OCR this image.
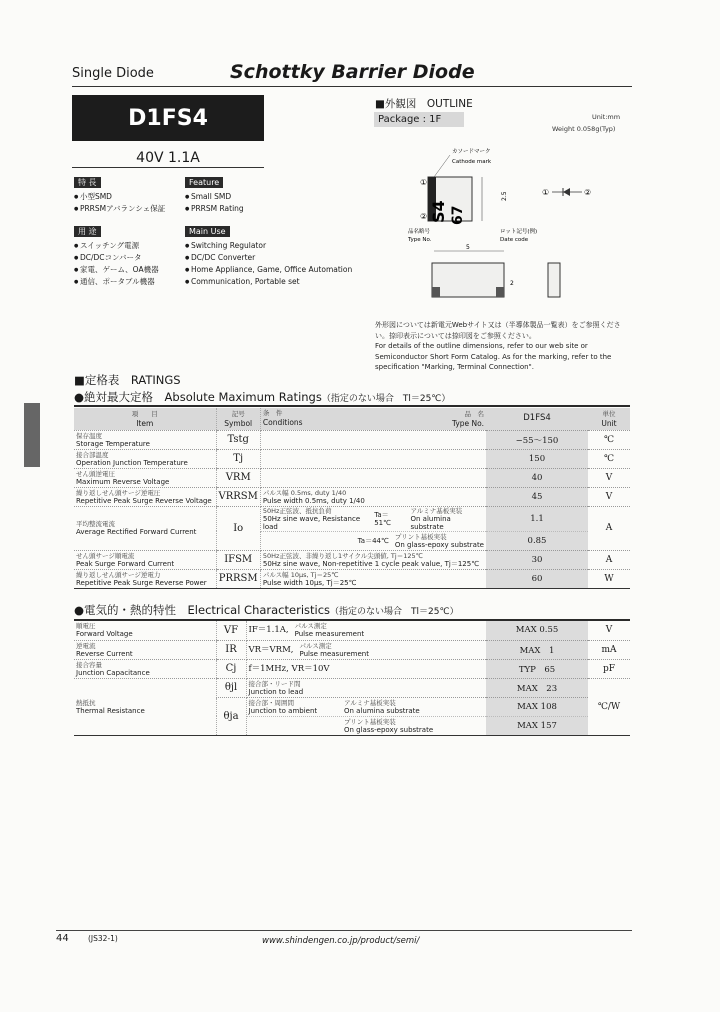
Single Diode	Schottky Barrier Diode
D1FS4
40V 1.1A
特 長	Feature
● 小型SMD
● PRRSMアバランシェ保証
● Small SMD
● PRRSM Rating
用 途	Main Use
● スイッチング電源
● DC/DCコンバータ
● 家電、ゲーム、OA機器
● 通信、ポータブル機器
● Switching Regulator
● DC/DC Converter
● Home Appliance, Game, Office Automation
● Communication, Portable set
■外観図　OUTLINE
Package : 1F	Unit:mm
Weight 0.058g(Typ)
S4 67
2.5
①
②
カソードマーク
Cathode mark
品名略号
Type No.
ロット記号(例)
Date code
①	②
5
2
外形図については新電元Webサイト又は（半導体製品一覧表）をご参照ください。捺印表示については捺印図をご参照ください。
For details of the outline dimensions, refer to our web site or Semiconductor Short Form Catalog. As for the marking, refer to the specification "Marking, Terminal Connection".
■定格表　RATINGS
●絶対最大定格　Absolute Maximum Ratings（指定のない場合　Tl＝25℃）
項　　目
Item	記号
Symbol	条　件
Conditions
品　名
Type No.	D1FS4	単位
Unit

保存温度
Storage Temperature	Tstg		−55～150	℃

接合部温度
Operation Junction Temperature	Tj		150	℃

せん頭逆電圧
Maximum Reverse Voltage	VRM		40	V

繰り返しせん頭サージ逆電圧
Repetitive Peak Surge Reverse Voltage	VRRSM	パルス幅 0.5ms, duty 1/40
Pulse width 0.5ms, duty 1/40	45	V

平均整流電流
Average Rectified Forward Current	Io	50Hz正弦波、抵抗負荷
50Hz sine wave, Resistance load
Ta＝51℃
アルミナ基板実装
On alumina substrate	1.1	A

		Ta＝44℃ プリント基板実装
On glass-epoxy substrate	0.85	

せん頭サージ順電流
Peak Surge Forward Current	IFSM	50Hz正弦波、非繰り返し1サイクル尖頭値, Tj＝125℃
50Hz sine wave, Non-repetitive 1 cycle peak value, Tj＝125℃	30	A

繰り返しせん頭サージ逆電力
Repetitive Peak Surge Reverse Power	PRRSM	パルス幅 10μs, Tj＝25℃
Pulse width 10μs, Tj＝25℃	60	W
●電気的・熱的特性　Electrical Characteristics（指定のない場合　Tl＝25℃）
順電圧
Forward Voltage	VF	IF＝1.1A, パルス測定
Pulse measurement	MAX 0.55	V

逆電流
Reverse Current	IR	VR＝VRM, パルス測定
Pulse measurement	MAX　1	mA

接合容量
Junction Capacitance	Cj	f＝1MHz, VR＝10V	TYP　65	pF

熱抵抗
Thermal Resistance	θjl	接合部・リード間
Junction to lead	MAX　23	℃/W
	θja	接合部・周囲間
Junction to ambient
アルミナ基板実装
On alumina substrate	MAX 108	

		プリント基板実装
On glass-epoxy substrate	MAX 157	
44	(JS32-1)	www.shindengen.co.jp/product/semi/
